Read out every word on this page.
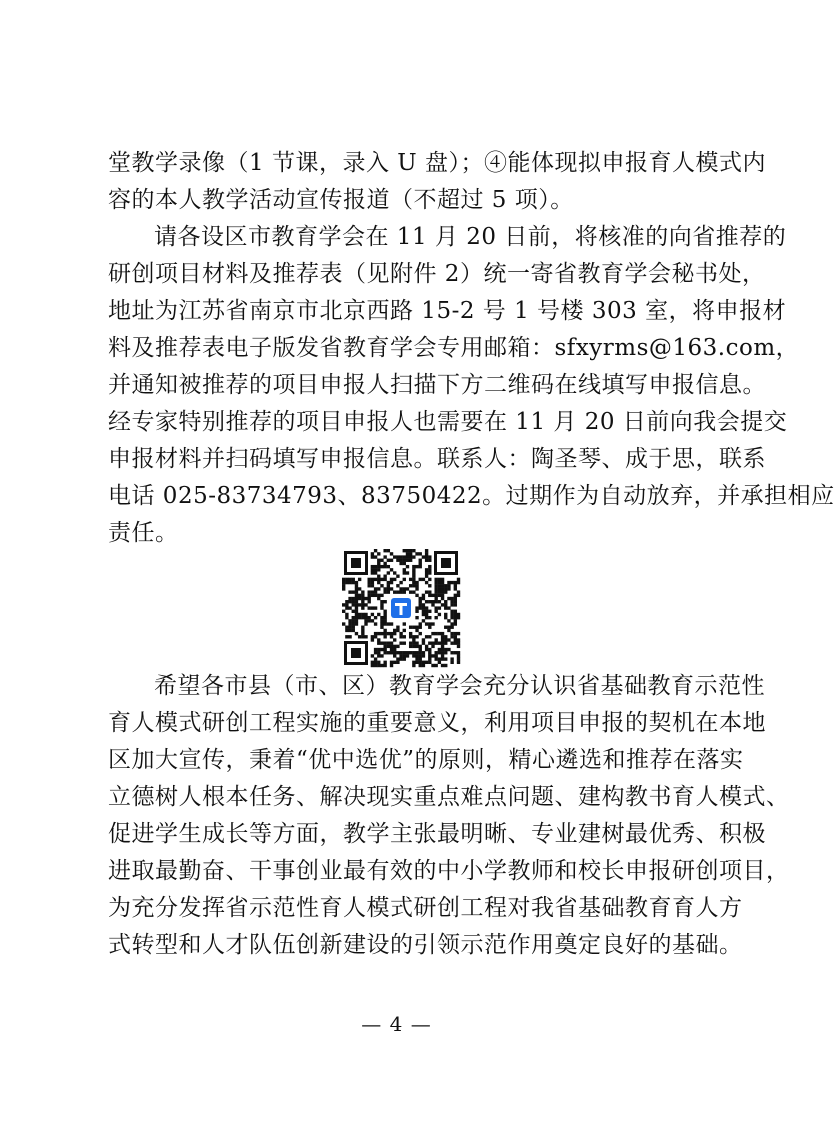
堂教学录像（1 节课，录入 U 盘）；④能体现拟申报育人模式内
容的本人教学活动宣传报道（不超过 5 项）。
请各设区市教育学会在 11 月 20 日前，将核准的向省推荐的
研创项目材料及推荐表（见附件 2）统一寄省教育学会秘书处，
地址为江苏省南京市北京西路 15-2 号 1 号楼 303 室，将申报材
料及推荐表电子版发省教育学会专用邮箱：sfxyrms@163.com，
并通知被推荐的项目申报人扫描下方二维码在线填写申报信息。
经专家特别推荐的项目申报人也需要在 11 月 20 日前向我会提交
申报材料并扫码填写申报信息。联系人：陶圣琴、成于思，联系
电话 025-83734793、83750422。过期作为自动放弃，并承担相应
责任。
希望各市县（市、区）教育学会充分认识省基础教育示范性
育人模式研创工程实施的重要意义，利用项目申报的契机在本地
区加大宣传，秉着“优中选优”的原则，精心遴选和推荐在落实
立德树人根本任务、解决现实重点难点问题、建构教书育人模式、
促进学生成长等方面，教学主张最明晰、专业建树最优秀、积极
进取最勤奋、干事创业最有效的中小学教师和校长申报研创项目，
为充分发挥省示范性育人模式研创工程对我省基础教育育人方
式转型和人才队伍创新建设的引领示范作用奠定良好的基础。
— 4 —
